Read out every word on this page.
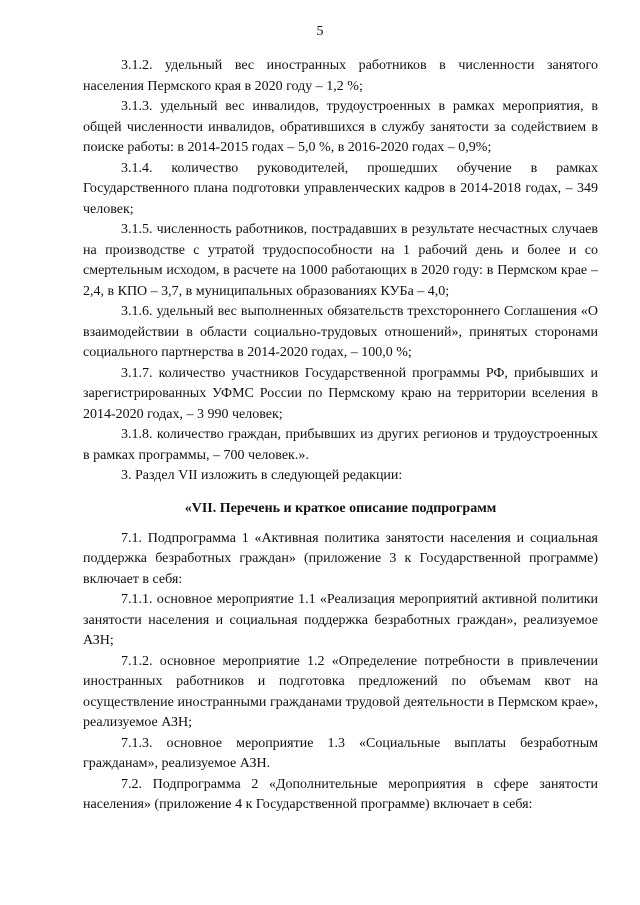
5

3.1.2. удельный вес иностранных работников в численности занятого населения Пермского края в 2020 году – 1,2 %;

3.1.3. удельный вес инвалидов, трудоустроенных в рамках мероприятия, в общей численности инвалидов, обратившихся в службу занятости за содействием в поиске работы: в 2014-2015 годах – 5,0 %, в 2016-2020 годах – 0,9%;

3.1.4. количество руководителей, прошедших обучение в рамках Государственного плана подготовки управленческих кадров в 2014-2018 годах, – 349 человек;

3.1.5. численность работников, пострадавших в результате несчастных случаев на производстве с утратой трудоспособности на 1 рабочий день и более и со смертельным исходом, в расчете на 1000 работающих в 2020 году: в Пермском крае – 2,4, в КПО – 3,7, в муниципальных образованиях КУБа – 4,0;

3.1.6. удельный вес выполненных обязательств трехстороннего Соглашения «О взаимодействии в области социально-трудовых отношений», принятых сторонами социального партнерства в 2014-2020 годах, – 100,0 %;

3.1.7. количество участников Государственной программы РФ, прибывших и зарегистрированных УФМС России по Пермскому краю на территории вселения в 2014-2020 годах, – 3 990 человек;

3.1.8. количество граждан, прибывших из других регионов и трудоустроенных в рамках программы, – 700 человек.».

3. Раздел VII изложить в следующей редакции:

«VII. Перечень и краткое описание подпрограмм

7.1. Подпрограмма 1 «Активная политика занятости населения и социальная поддержка безработных граждан» (приложение 3 к Государственной программе) включает в себя:

7.1.1. основное мероприятие 1.1 «Реализация мероприятий активной политики занятости населения и социальная поддержка безработных граждан», реализуемое АЗН;

7.1.2. основное мероприятие 1.2 «Определение потребности в привлечении иностранных работников и подготовка предложений по объемам квот на осуществление иностранными гражданами трудовой деятельности в Пермском крае», реализуемое АЗН;

7.1.3. основное мероприятие 1.3 «Социальные выплаты безработным гражданам», реализуемое АЗН.

7.2. Подпрограмма 2 «Дополнительные мероприятия в сфере занятости населения» (приложение 4 к Государственной программе) включает в себя:
